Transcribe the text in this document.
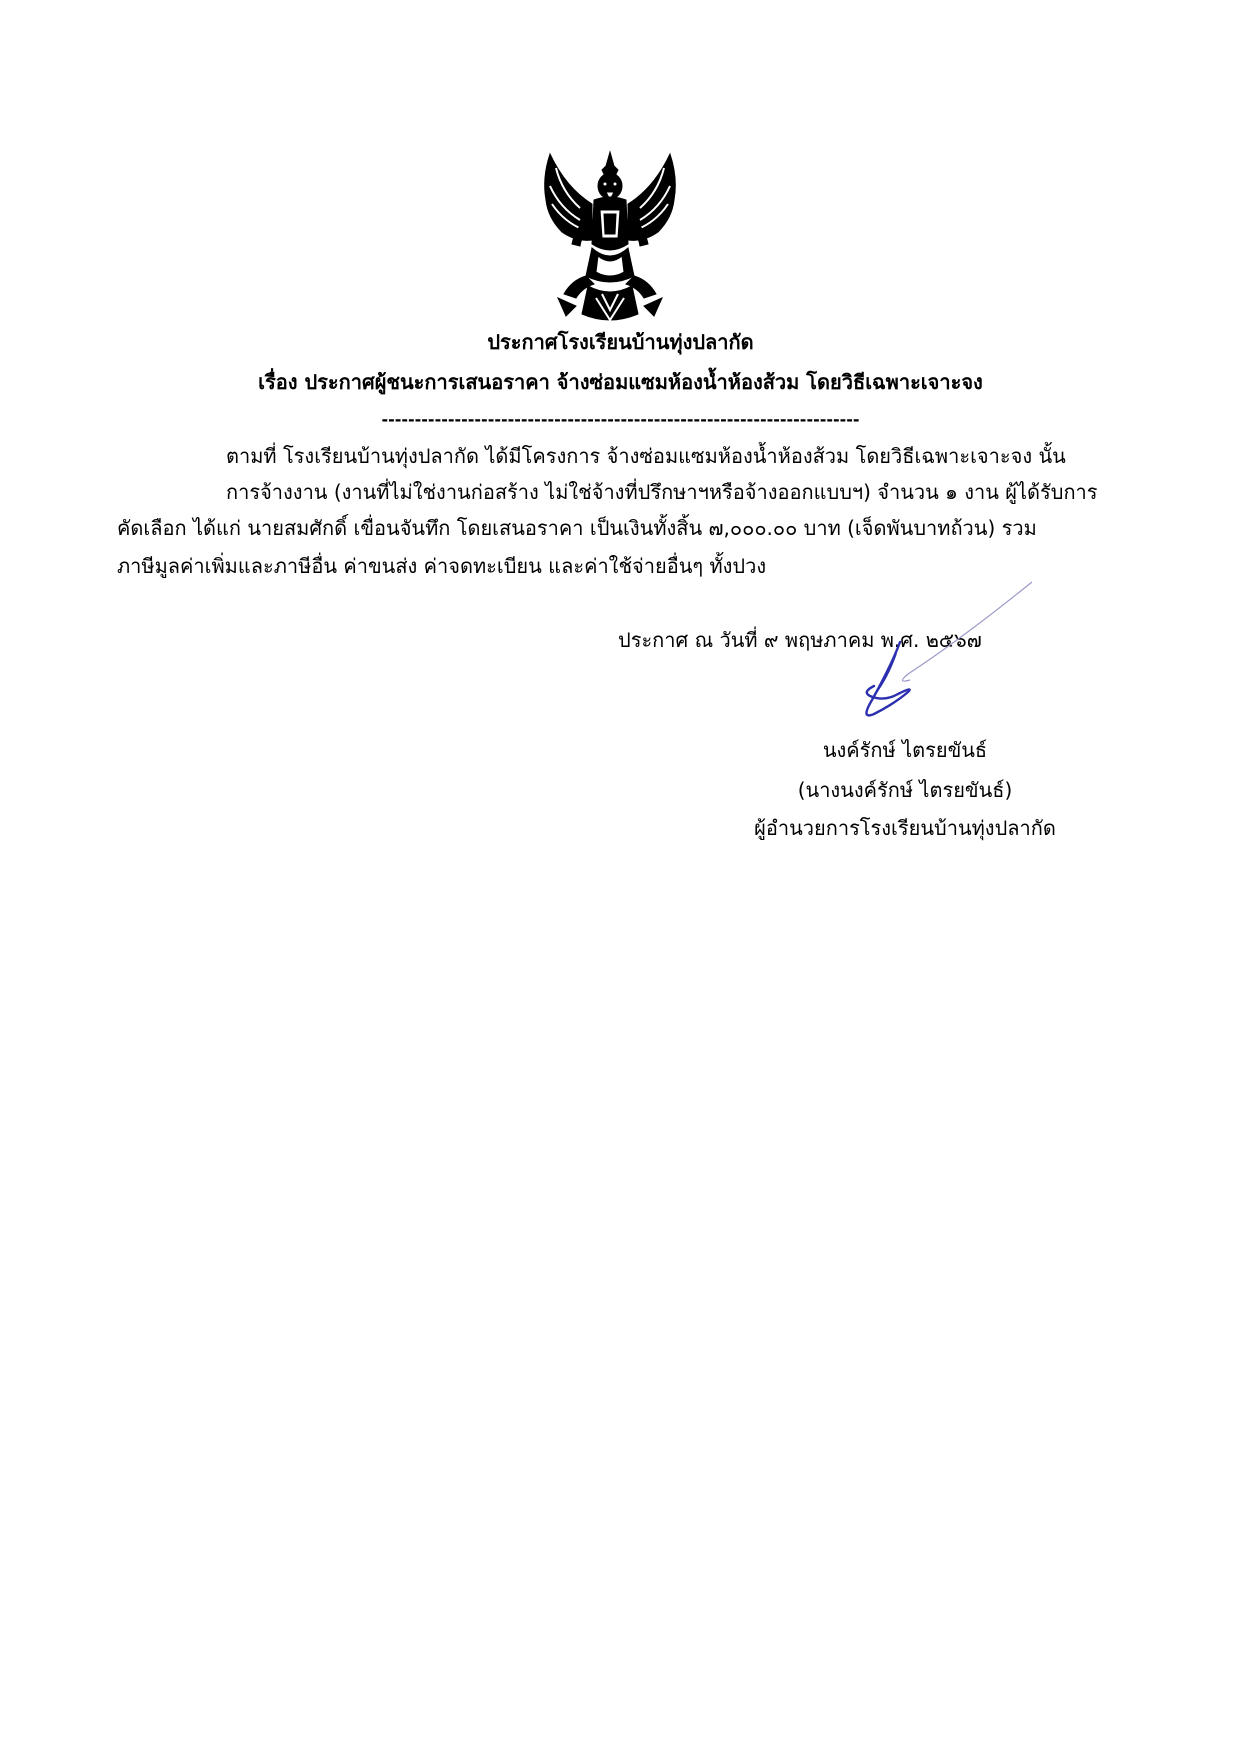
ประกาศโรงเรียนบ้านทุ่งปลากัด
เรื่อง ประกาศผู้ชนะการเสนอราคา จ้างซ่อมแซมห้องน้ำห้องส้วม โดยวิธีเฉพาะเจาะจง
------------------------------------------------------------------------
ตามที่ โรงเรียนบ้านทุ่งปลากัด ได้มีโครงการ จ้างซ่อมแซมห้องน้ำห้องส้วม โดยวิธีเฉพาะเจาะจง นั้น
การจ้างงาน (งานที่ไม่ใช่งานก่อสร้าง ไม่ใช่จ้างที่ปรึกษาฯหรือจ้างออกแบบฯ) จำนวน ๑ งาน ผู้ได้รับการ
คัดเลือก ได้แก่ นายสมศักดิ์ เขื่อนจันทึก โดยเสนอราคา เป็นเงินทั้งสิ้น ๗,๐๐๐.๐๐ บาท (เจ็ดพันบาทถ้วน) รวม
ภาษีมูลค่าเพิ่มและภาษีอื่น ค่าขนส่ง ค่าจดทะเบียน และค่าใช้จ่ายอื่นๆ ทั้งปวง
ประกาศ ณ วันที่ ๙ พฤษภาคม พ.ศ. ๒๕๖๗
นงค์รักษ์ ไตรยขันธ์
(นางนงค์รักษ์ ไตรยขันธ์)
ผู้อำนวยการโรงเรียนบ้านทุ่งปลากัด
